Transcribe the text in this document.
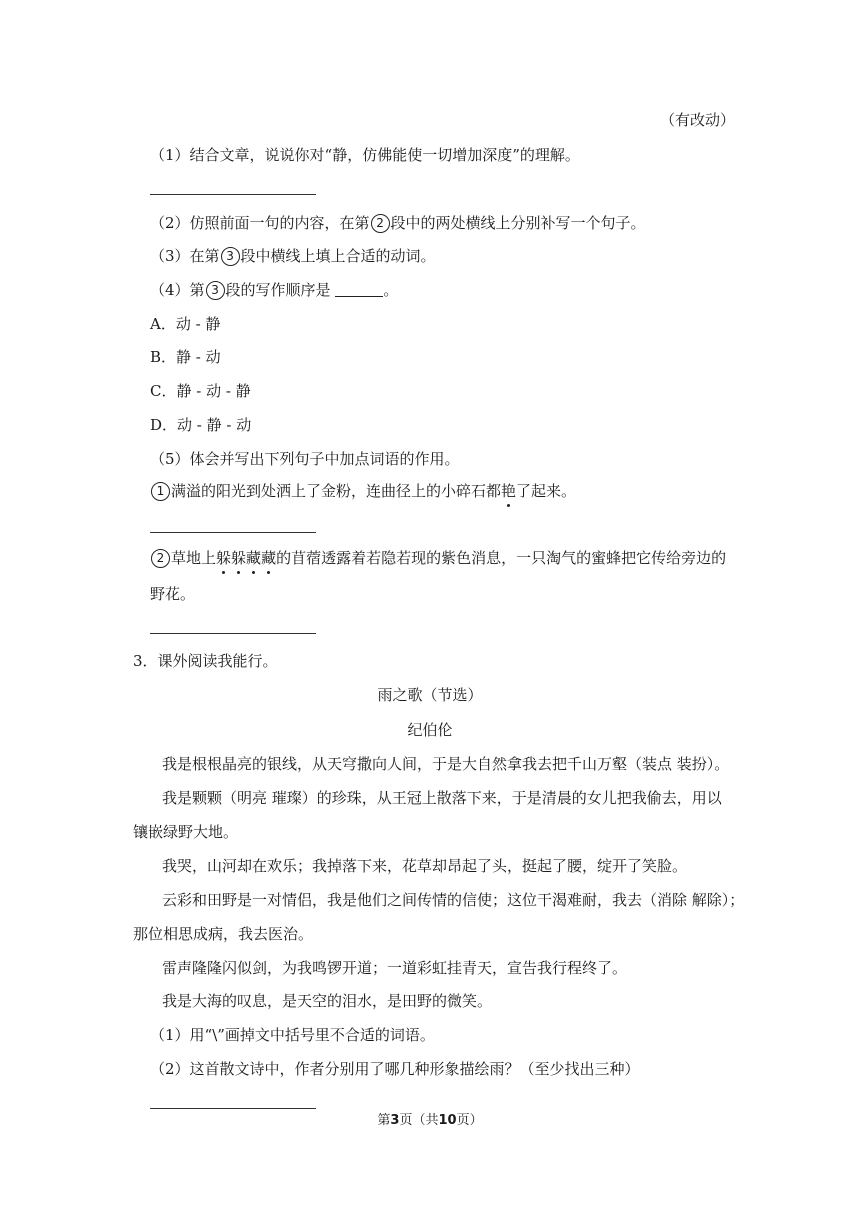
（有改动）
（1）结合文章，说说你对“静，仿佛能使一切增加深度”的理解。
（2）仿照前面一句的内容，在第 2 段中的两处横线上分别补写一个句子。
（3）在第 3 段中横线上填上合适的动词。
（4）第 3 段的写作顺序是	。
A．动 - 静
B．静 - 动
C．静 - 动 - 静
D．动 - 静 - 动
（5）体会并写出下列句子中加点词语的作用。
1 满溢的阳光到处洒上了金粉，连曲径上的小碎石都艳了起来。
2 草地上躲躲藏藏的苜蓿透露着若隐若现的紫色消息，一只淘气的蜜蜂把它传给旁边的
野花。
3．课外阅读我能行。
雨之歌（节选）
纪伯伦
我是根根晶亮的银线，从天穹撒向人间，于是大自然拿我去把千山万壑（装点 装扮）。
我是颗颗（明亮 璀璨）的珍珠，从王冠上散落下来，于是清晨的女儿把我偷去，用以
镶嵌绿野大地。
我哭，山河却在欢乐；我掉落下来，花草却昂起了头，挺起了腰，绽开了笑脸。
云彩和田野是一对情侣，我是他们之间传情的信使；这位干渴难耐，我去（消除 解除）；
那位相思成病，我去医治。
雷声隆隆闪似剑，为我鸣锣开道；一道彩虹挂青天，宣告我行程终了。
我是大海的叹息，是天空的泪水，是田野的微笑。
（1）用“\”画掉文中括号里不合适的词语。
（2）这首散文诗中，作者分别用了哪几种形象描绘雨？（至少找出三种）
第3页（共10页）
